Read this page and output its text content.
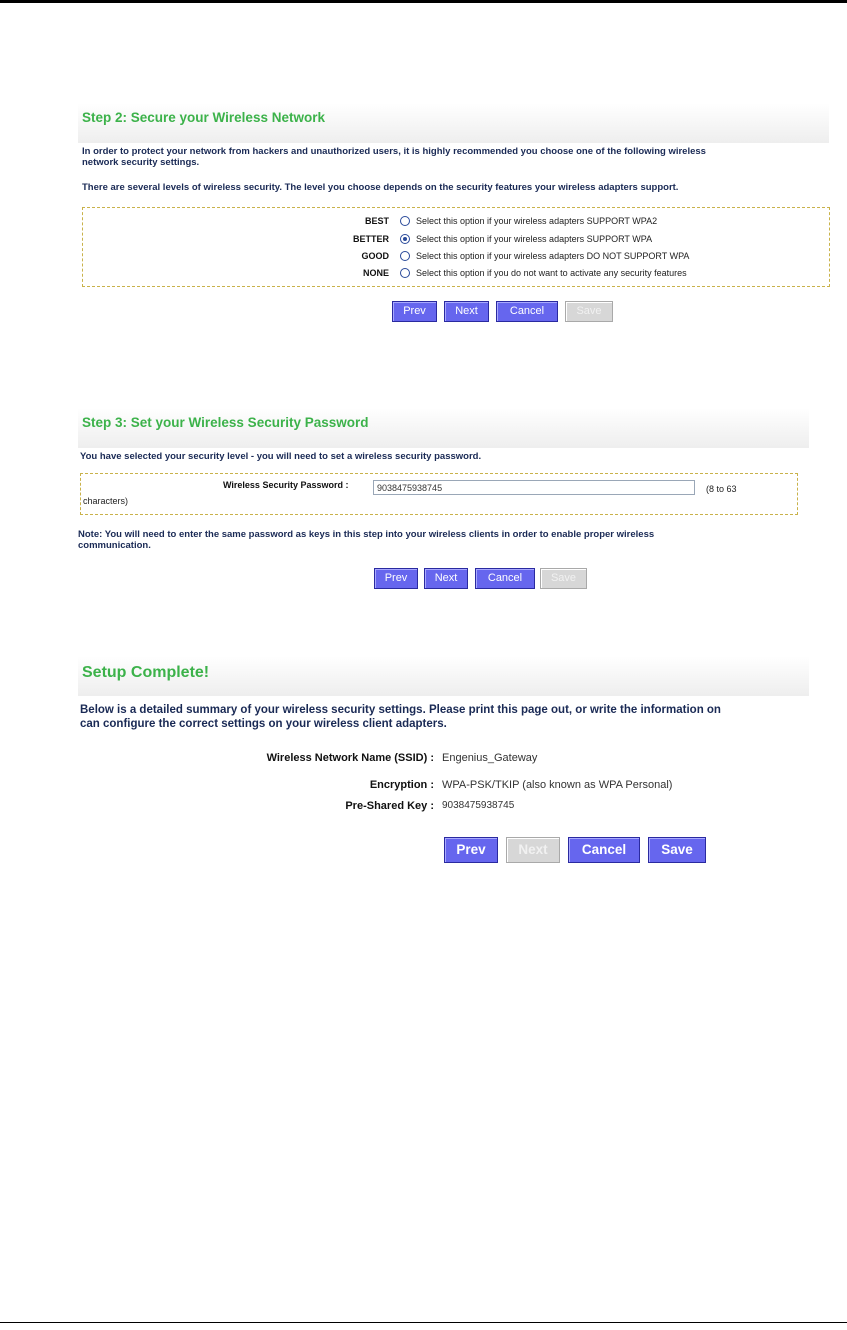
Step 2: Secure your Wireless Network
In order to protect your network from hackers and unauthorized users, it is highly recommended you choose one of the following wireless
network security settings.
There are several levels of wireless security. The level you choose depends on the security features your wireless adapters support.
BEST	Select this option if your wireless adapters SUPPORT WPA2
BETTER	Select this option if your wireless adapters SUPPORT WPA
GOOD	Select this option if your wireless adapters DO NOT SUPPORT WPA
NONE	Select this option if you do not want to activate any security features
Prev	Next	Cancel	Save
Step 3: Set your Wireless Security Password
You have selected your security level - you will need to set a wireless security password.
Wireless Security Password :	9038475938745	(8 to 63
characters)
Note: You will need to enter the same password as keys in this step into your wireless clients in order to enable proper wireless
communication.
Prev	Next	Cancel	Save
Setup Complete!
Below is a detailed summary of your wireless security settings. Please print this page out, or write the information on
can configure the correct settings on your wireless client adapters.
Wireless Network Name (SSID) : Engenius_Gateway
Encryption : WPA-PSK/TKIP (also known as WPA Personal)
Pre-Shared Key : 9038475938745
Prev	Next	Cancel	Save
